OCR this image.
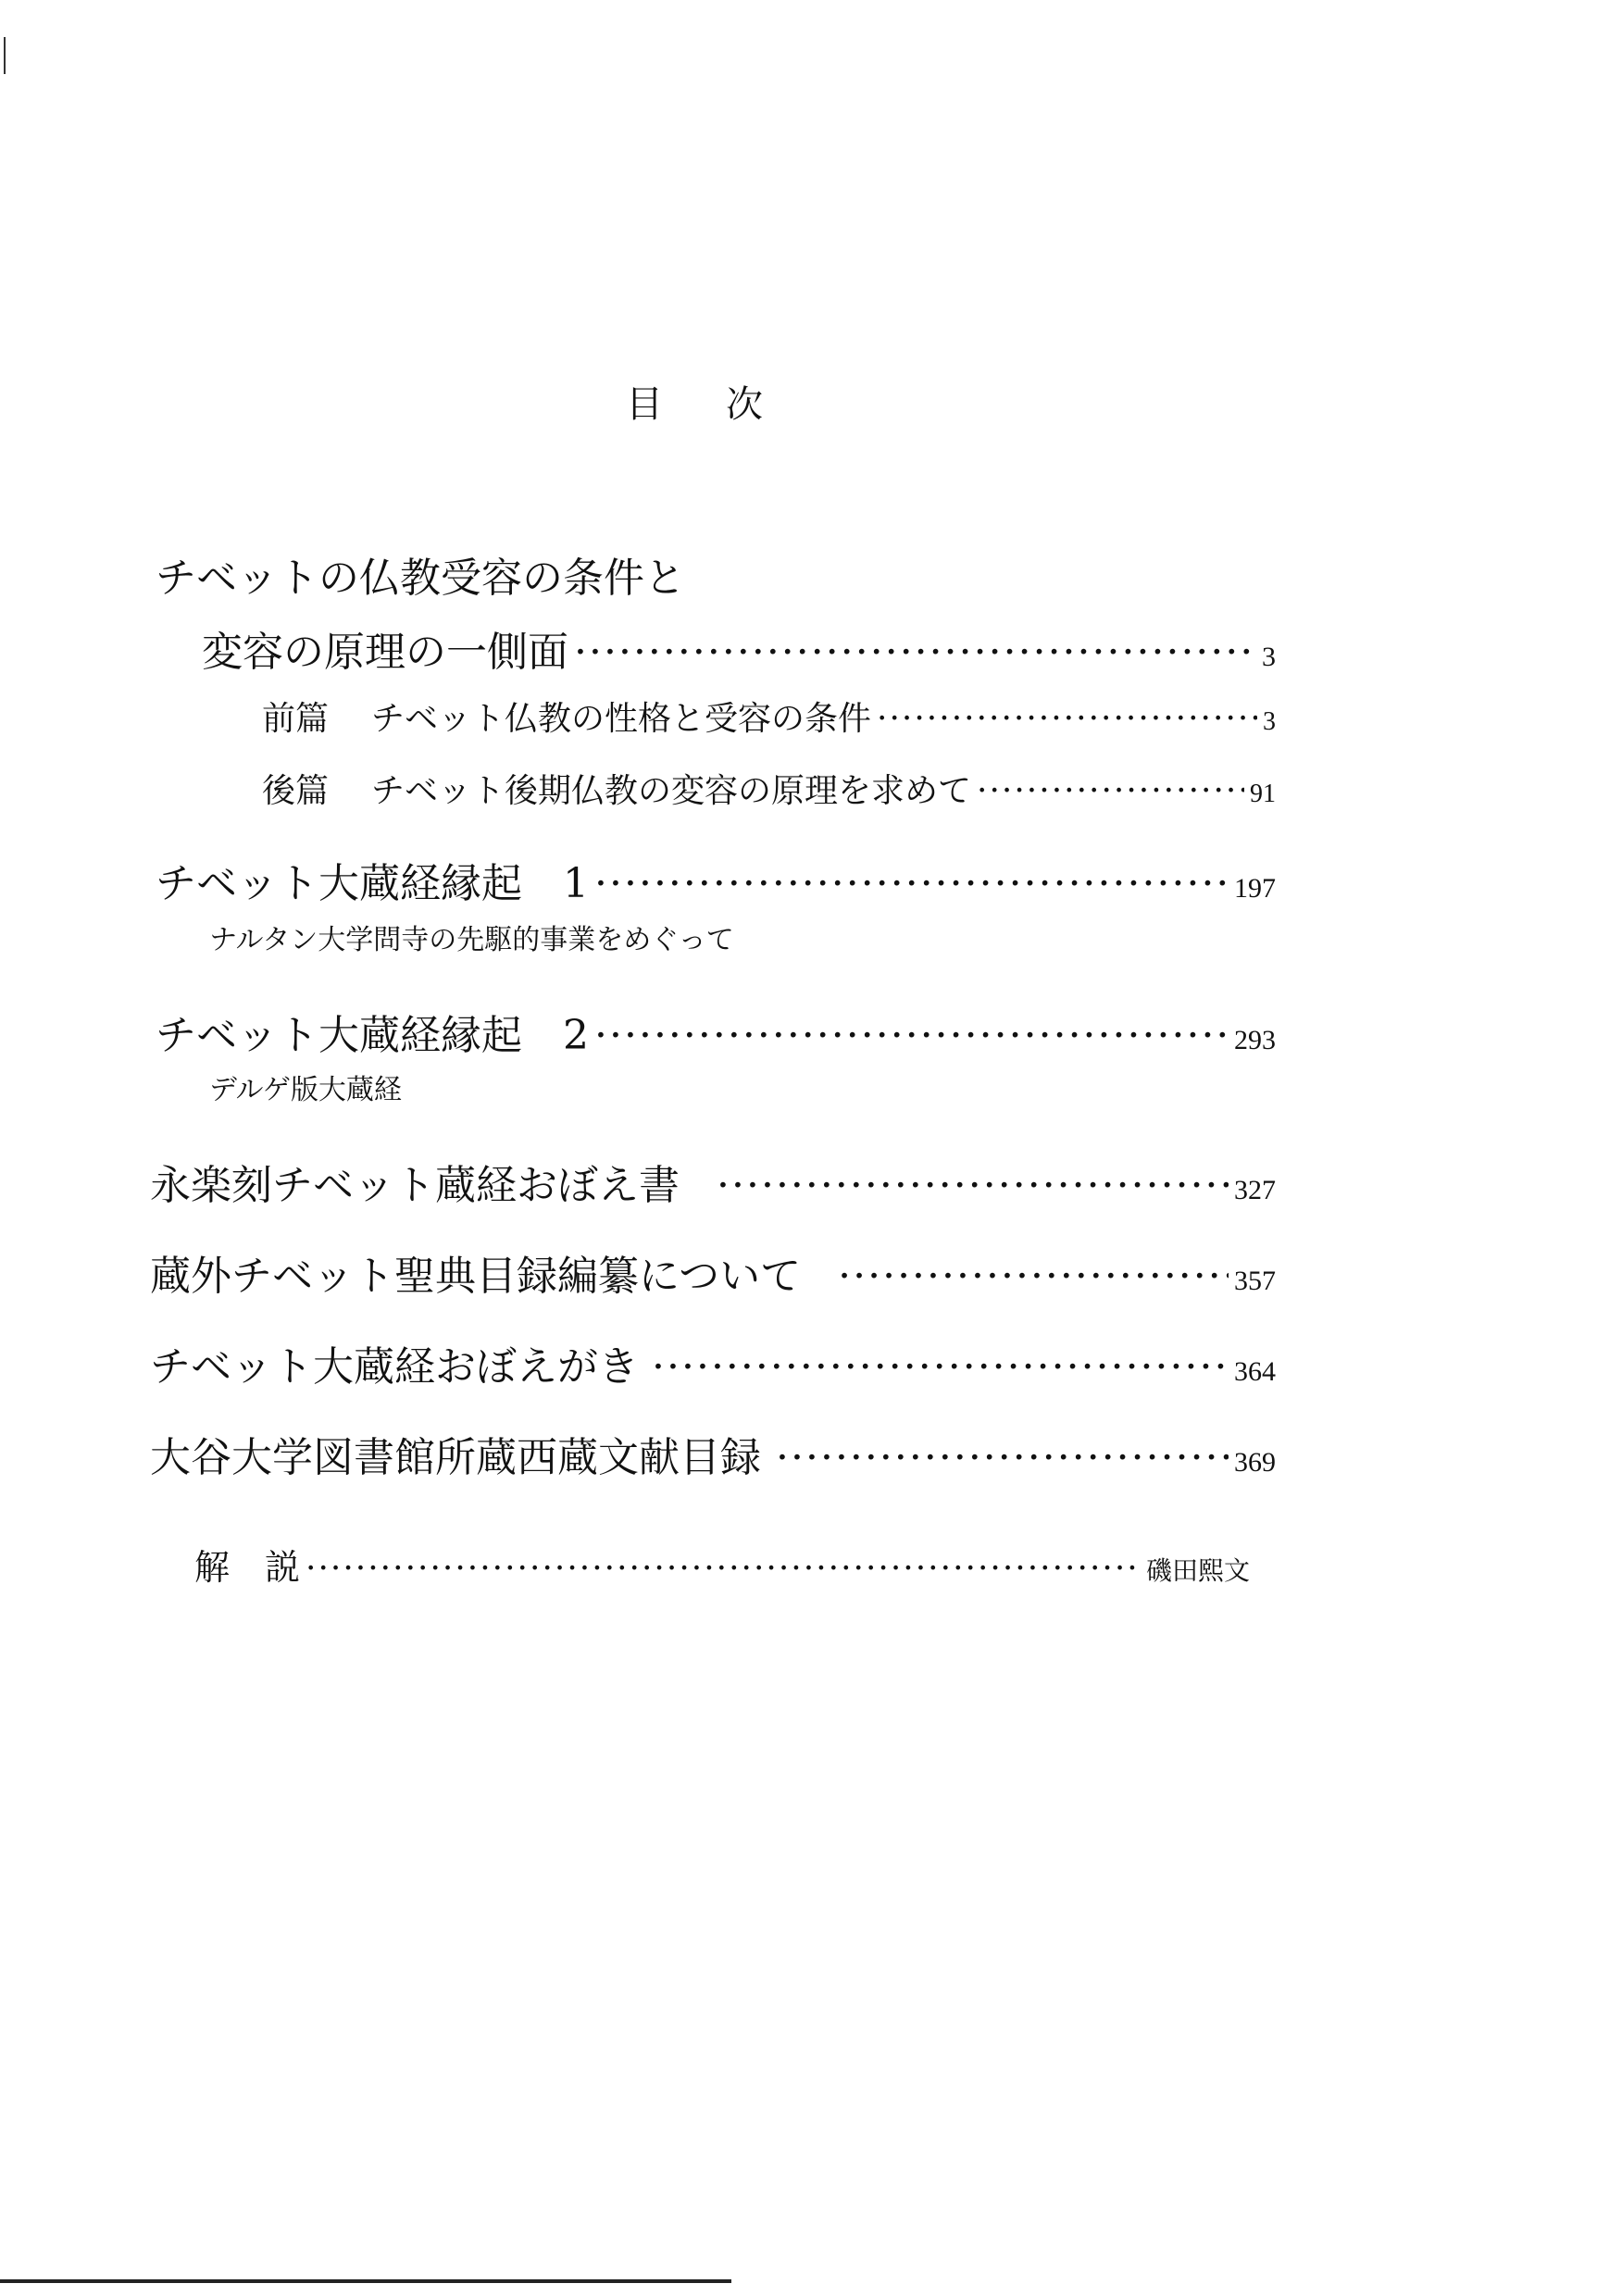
目次
チベットの仏教受容の条件と
変容の原理の一側面 ·····	3
前篇 チベット仏教の性格と受容の条件 ·····	3
後篇 チベット後期仏教の変容の原理を求めて ·····	91
チベット大蔵経縁起　1 ·····	197
ナルタン大学問寺の先駆的事業をめぐって
チベット大蔵経縁起　2 ·····	293
デルゲ版大蔵経
永楽刻チベット蔵経おぼえ書 ·····	327
蔵外チベット聖典目録編纂について ·····	357
チベット大蔵経おぼえがき ·····	364
大谷大学図書館所蔵西蔵文献目録 ·····	369
解　説 ·····	磯田熙文
